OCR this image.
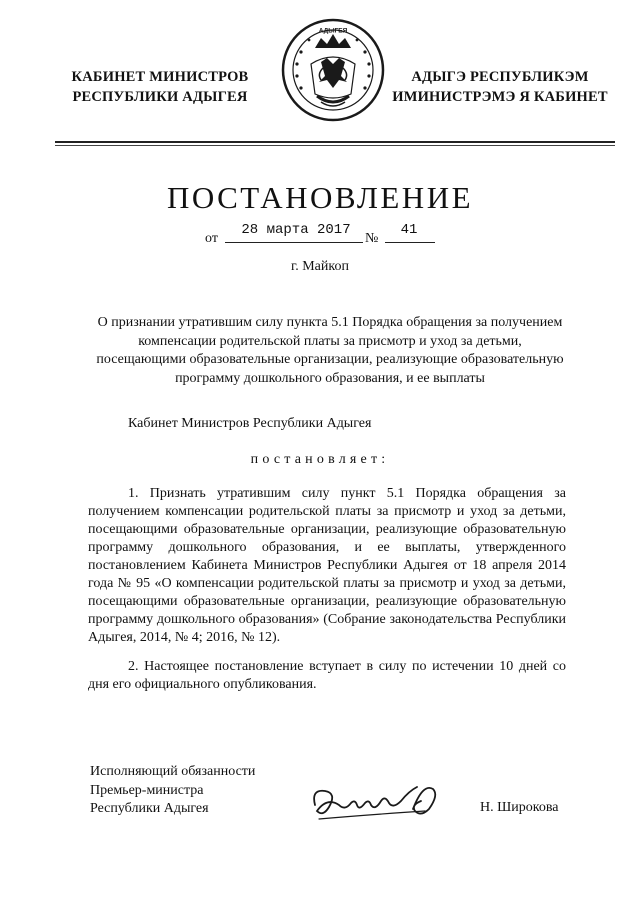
КАБИНЕТ МИНИСТРОВ
РЕСПУБЛИКИ АДЫГЕЯ
АДЫГЕЯ
АДЫГЭ РЕСПУБЛИКЭМ
ИМИНИСТРЭМЭ Я КАБИНЕТ
ПОСТАНОВЛЕНИЕ
от
28 марта 2017
№
41
г. Майкоп
О признании утратившим силу пункта 5.1 Порядка обращения за получением компенсации родительской платы за присмотр и уход за детьми, посещающими образовательные организации, реализующие образовательную программу дошкольного образования, и ее выплаты
Кабинет Министров Республики Адыгея
постановляет:
1. Признать утратившим силу пункт 5.1 Порядка обращения за получением компенсации родительской платы за присмотр и уход за детьми, посещающими образовательные организации, реализующие образовательную программу дошкольного образования, и ее выплаты, утвержденного постановлением Кабинета Министров Республики Адыгея от 18 апреля 2014 года № 95 «О компенсации родительской платы за присмотр и уход за детьми, посещающими образовательные организации, реализующие образовательную программу дошкольного образования» (Собрание законодательства Республики Адыгея, 2014, № 4; 2016, № 12).
2. Настоящее постановление вступает в силу по истечении 10 дней со дня его официального опубликования.
Исполняющий обязанности
Премьер-министра
Республики Адыгея	Н. Широкова
